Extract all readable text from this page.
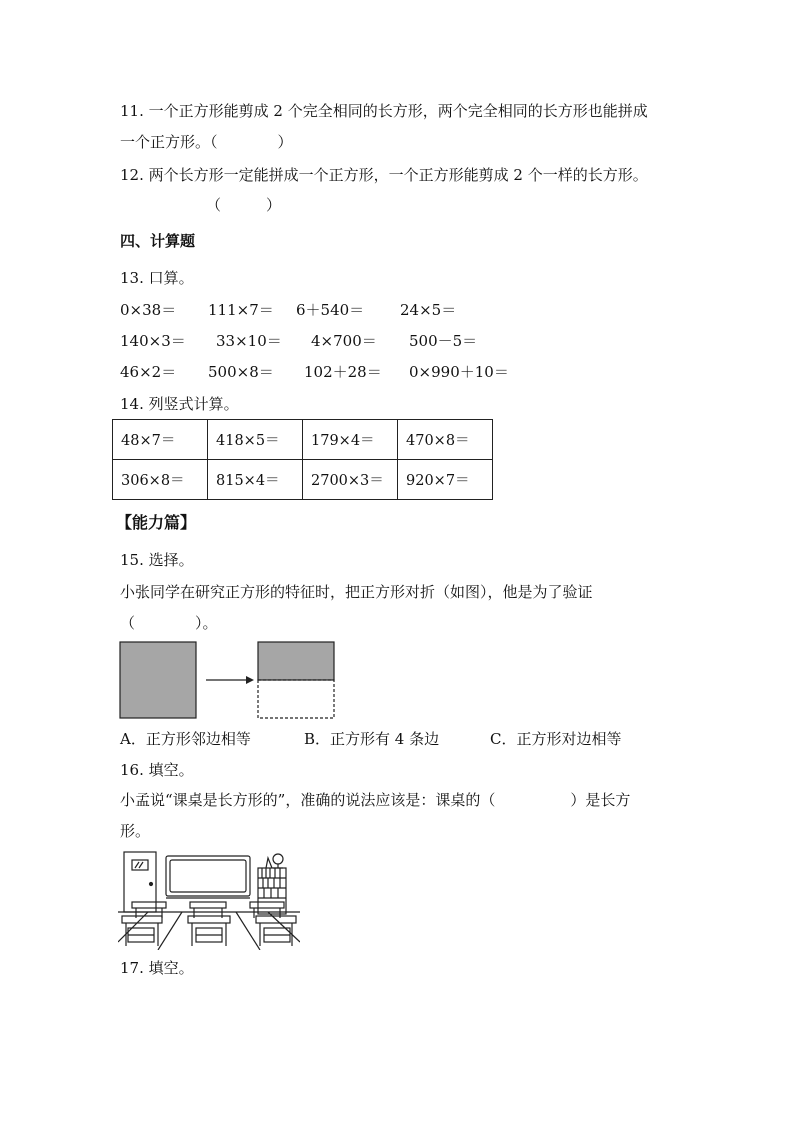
11. 一个正方形能剪成 2 个完全相同的长方形，两个完全相同的长方形也能拼成
一个正方形。（　　　　）
12. 两个长方形一定能拼成一个正方形，一个正方形能剪成 2 个一样的长方形。
（　　　）
四、计算题
13. 口算。
0×38＝ 111×7＝ 6＋540＝ 24×5＝
140×3＝ 33×10＝ 4×700＝ 500－5＝
46×2＝ 500×8＝ 102＋28＝ 0×990＋10＝
14. 列竖式计算。
48×7＝	418×5＝	179×4＝	470×8＝
306×8＝	815×4＝	2700×3＝	920×7＝
【能力篇】
15. 选择。
小张同学在研究正方形的特征时，把正方形对折（如图），他是为了验证
（　　　　）。
A．正方形邻边相等	B．正方形有 4 条边	C．正方形对边相等
16. 填空。
小孟说“课桌是长方形的”，准确的说法应该是：课桌的（　　　　　）是长方
形。
17. 填空。
